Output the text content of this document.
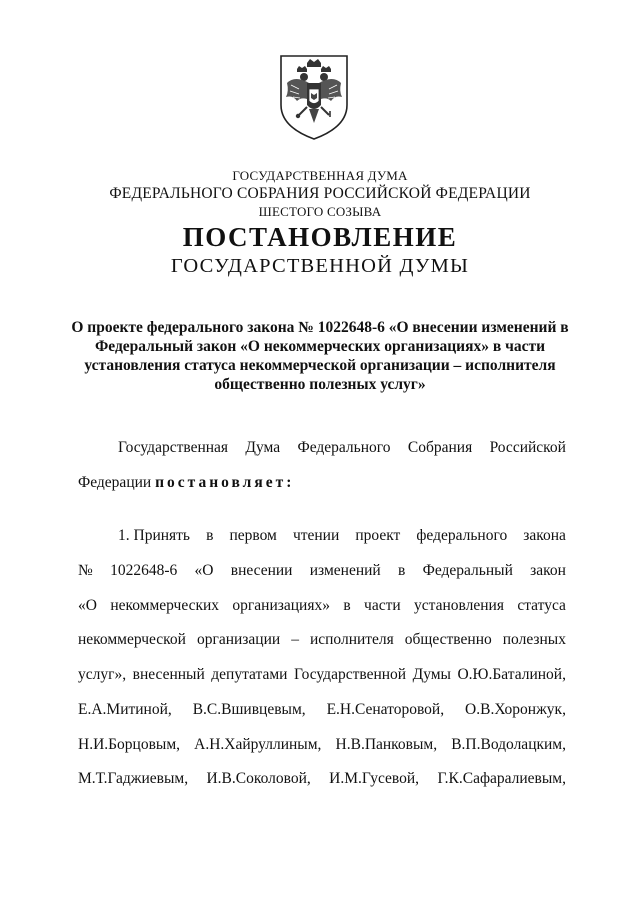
ГОСУДАРСТВЕННАЯ ДУМА
ФЕДЕРАЛЬНОГО СОБРАНИЯ РОССИЙСКОЙ ФЕДЕРАЦИИ
ШЕСТОГО СОЗЫВА
ПОСТАНОВЛЕНИЕ
ГОСУДАРСТВЕННОЙ ДУМЫ
О проекте федерального закона № 1022648-6 «О внесении изменений в
Федеральный закон «О некоммерческих организациях» в части
установления статуса некоммерческой организации – исполнителя
общественно полезных услуг»
Государственная Дума Федерального Собрания Российской
Федерации постановляет:
1. Принять в первом чтении проект федерального закона
№ 1022648-6 «О внесении изменений в Федеральный закон
«О некоммерческих организациях» в части установления статуса
некоммерческой организации – исполнителя общественно полезных
услуг», внесенный депутатами Государственной Думы О.Ю.Баталиной,
Е.А.Митиной, В.С.Вшивцевым, Е.Н.Сенаторовой, О.В.Хоронжук,
Н.И.Борцовым, А.Н.Хайруллиным, Н.В.Панковым, В.П.Водолацким,
М.Т.Гаджиевым, И.В.Соколовой, И.М.Гусевой, Г.К.Сафаралиевым,
